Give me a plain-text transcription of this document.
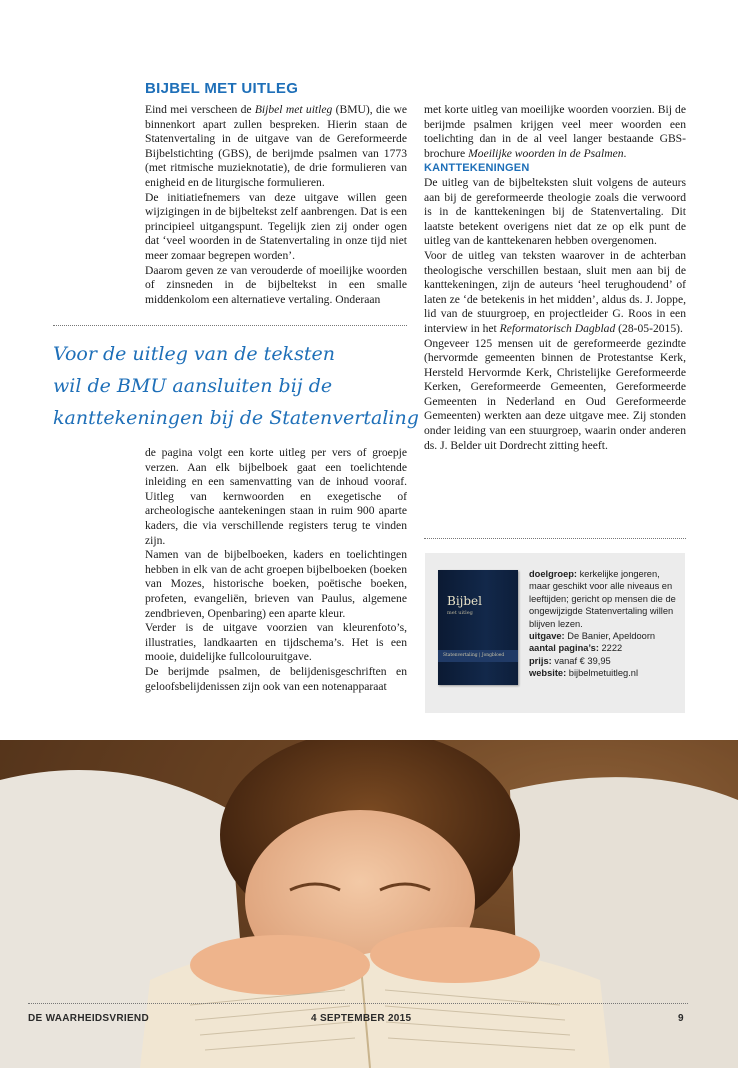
BIJBEL MET UITLEG

Eind mei verscheen de Bijbel met uitleg (BMU), die we binnenkort apart zullen bespreken. Hierin staan de Statenvertaling in de uitgave van de Gereformeerde Bijbelstichting (GBS), de berijmde psalmen van 1773 (met ritmische muzieknotatie), de drie formulieren van enigheid en de liturgische formulieren.

De initiatiefnemers van deze uitgave willen geen wijzigingen in de bijbeltekst zelf aanbrengen. Dat is een principieel uitgangspunt. Tegelijk zien zij onder ogen dat ‘veel woorden in de Statenvertaling in onze tijd niet meer zomaar begrepen worden’.

Daarom geven ze van verouderde of moeilijke woorden of zinsneden in de bijbeltekst in een smalle middenkolom een alternatieve vertaling. Onderaan

Voor de uitleg van de teksten
wil de BMU aansluiten bij de
kanttekeningen bij de Statenvertaling

de pagina volgt een korte uitleg per vers of groepje verzen. Aan elk bijbelboek gaat een toelichtende inleiding en een samenvatting van de inhoud vooraf. Uitleg van kernwoorden en exegetische of archeologische aantekeningen staan in ruim 900 aparte kaders, die via verschillende registers terug te vinden zijn.

Namen van de bijbelboeken, kaders en toelichtingen hebben in elk van de acht groepen bijbelboeken (boeken van Mozes, historische boeken, poëtische boeken, profeten, evangeliën, brieven van Paulus, algemene zendbrieven, Openbaring) een aparte kleur.

Verder is de uitgave voorzien van kleurenfoto’s, illustraties, landkaarten en tijdschema’s. Het is een mooie, duidelijke fullcolouruitgave.

De berijmde psalmen, de belijdenisgeschriften en geloofsbelijdenissen zijn ook van een notenapparaat

met korte uitleg van moeilijke woorden voorzien. Bij de berijmde psalmen krijgen veel meer woorden een toelichting dan in de al veel langer bestaande GBS-brochure Moeilijke woorden in de Psalmen.

KANTTEKENINGEN

De uitleg van de bijbelteksten sluit volgens de auteurs aan bij de gereformeerde theologie zoals die verwoord is in de kanttekeningen bij de Statenvertaling. Dit laatste betekent overigens niet dat ze op elk punt de uitleg van de kanttekenaren hebben overgenomen.

Voor de uitleg van teksten waarover in de achterban theologische verschillen bestaan, sluit men aan bij de kanttekeningen, zijn de auteurs ‘heel terughoudend’ of laten ze ‘de betekenis in het midden’, aldus ds. J. Joppe, lid van de stuurgroep, en projectleider G. Roos in een interview in het Reformatorisch Dagblad (28-05-2015).

Ongeveer 125 mensen uit de gereformeerde gezindte (hervormde gemeenten binnen de Protestantse Kerk, Hersteld Hervormde Kerk, Christelijke Gereformeerde Kerken, Gereformeerde Gemeenten, Gereformeerde Gemeenten in Nederland en Oud Gereformeerde Gemeenten) werkten aan deze uitgave mee. Zij stonden onder leiding van een stuurgroep, waarin onder anderen ds. J. Belder uit Dordrecht zitting heeft.

Bijbel
met uitleg
Statenvertaling | Jongbloed

doelgroep: kerkelijke jongeren, maar geschikt voor alle niveaus en leeftijden; gericht op mensen die de ongewijzigde Statenvertaling willen blijven lezen.

uitgave: De Banier, Apeldoorn

aantal pagina’s: 2222

prijs: vanaf € 39,95

website: bijbelmetuitleg.nl

DE WAARHEIDSVRIEND	4 SEPTEMBER 2015	9
